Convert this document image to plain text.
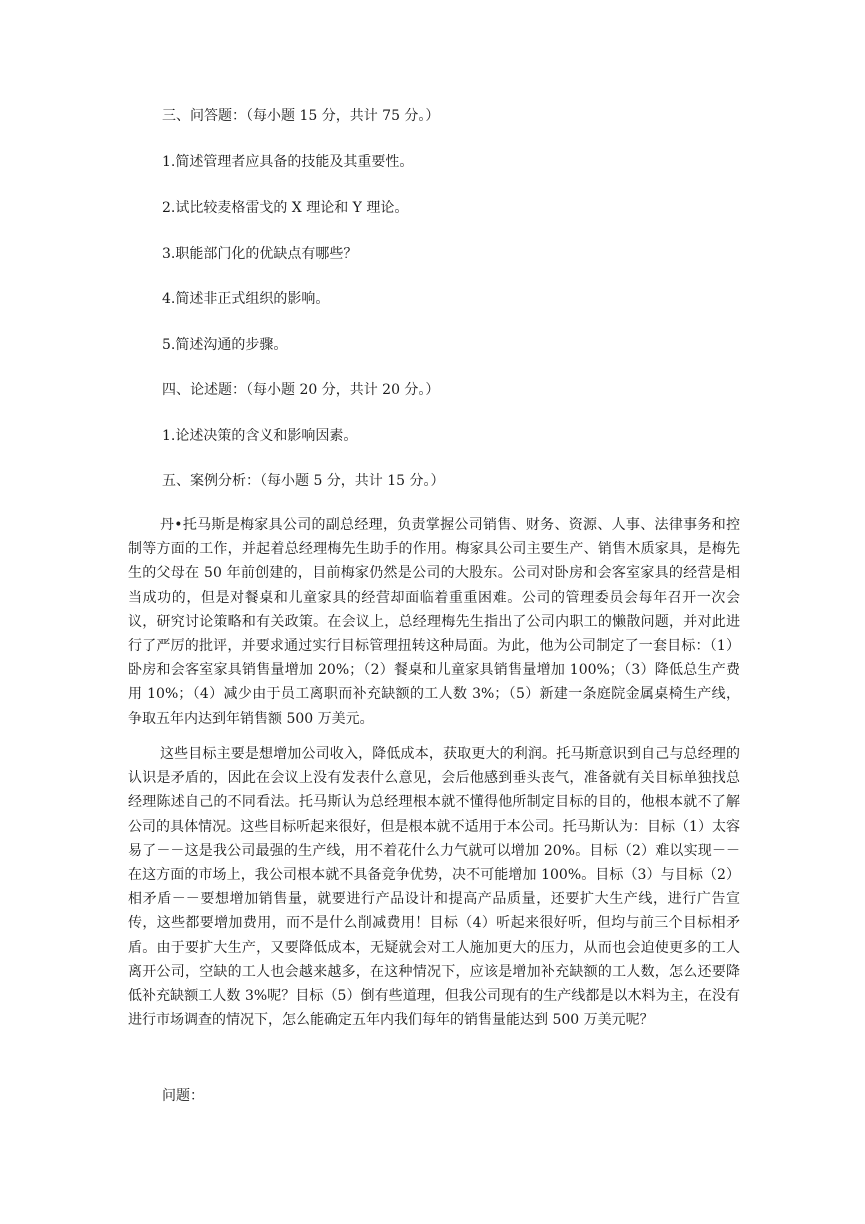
三、问答题：（每小题 15 分，共计 75 分。）
1.简述管理者应具备的技能及其重要性。
2.试比较麦格雷戈的 X 理论和 Y 理论。
3.职能部门化的优缺点有哪些？
4.简述非正式组织的影响。
5.简述沟通的步骤。
四、论述题：（每小题 20 分，共计 20 分。）
1.论述决策的含义和影响因素。
五、案例分析：（每小题 5 分，共计 15 分。）
丹•托马斯是梅家具公司的副总经理，负责掌握公司销售、财务、资源、人事、法律事务和控制等方面的工作，并起着总经理梅先生助手的作用。梅家具公司主要生产、销售木质家具，是梅先生的父母在 50 年前创建的，目前梅家仍然是公司的大股东。公司对卧房和会客室家具的经营是相当成功的，但是对餐桌和儿童家具的经营却面临着重重困难。公司的管理委员会每年召开一次会议，研究讨论策略和有关政策。在会议上，总经理梅先生指出了公司内职工的懒散问题，并对此进行了严厉的批评，并要求通过实行目标管理扭转这种局面。为此，他为公司制定了一套目标：（1）卧房和会客室家具销售量增加 20%；（2）餐桌和儿童家具销售量增加 100%；（3）降低总生产费用 10%；（4）减少由于员工离职而补充缺额的工人数 3%；（5）新建一条庭院金属桌椅生产线，争取五年内达到年销售额 500 万美元。
这些目标主要是想增加公司收入，降低成本，获取更大的利润。托马斯意识到自己与总经理的认识是矛盾的，因此在会议上没有发表什么意见，会后他感到垂头丧气，准备就有关目标单独找总经理陈述自己的不同看法。托马斯认为总经理根本就不懂得他所制定目标的目的，他根本就不了解公司的具体情况。这些目标听起来很好，但是根本就不适用于本公司。托马斯认为：目标（1）太容易了－－这是我公司最强的生产线，用不着花什么力气就可以增加 20%。目标（2）难以实现－－在这方面的市场上，我公司根本就不具备竞争优势，决不可能增加 100%。目标（3）与目标（2）相矛盾－－要想增加销售量，就要进行产品设计和提高产品质量，还要扩大生产线，进行广告宣传，这些都要增加费用，而不是什么削减费用！目标（4）听起来很好听，但均与前三个目标相矛盾。由于要扩大生产，又要降低成本，无疑就会对工人施加更大的压力，从而也会迫使更多的工人离开公司，空缺的工人也会越来越多，在这种情况下，应该是增加补充缺额的工人数，怎么还要降低补充缺额工人数 3%呢？目标（5）倒有些道理，但我公司现有的生产线都是以木料为主，在没有进行市场调查的情况下，怎么能确定五年内我们每年的销售量能达到 500 万美元呢？
问题：
